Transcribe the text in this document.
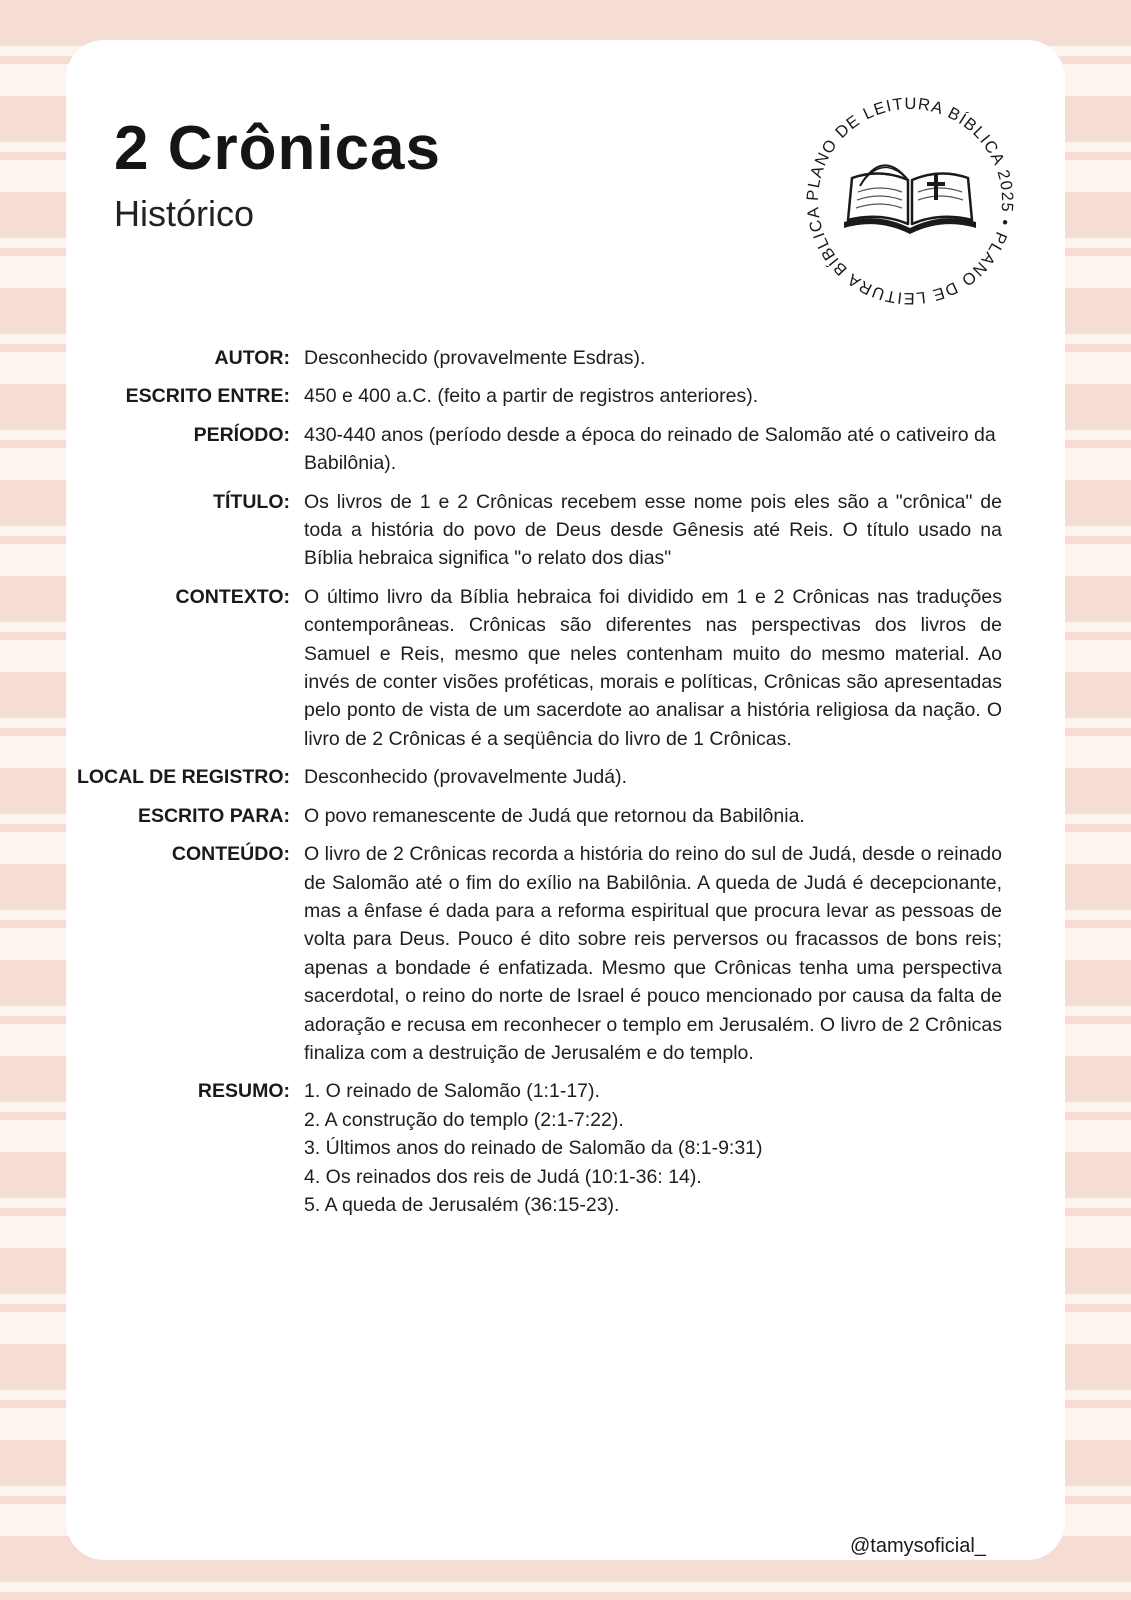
2 Crônicas
Histórico	PLANO DE LEITURA BÍBLICA 2025 • PLANO DE LEITURA BÍBLICA
AUTOR: Desconhecido (provavelmente Esdras).
ESCRITO ENTRE: 450 e 400 a.C. (feito a partir de registros anteriores).
PERÍODO: 430-440 anos (período desde a época do reinado de Salomão até o cativeiro da Babilônia).
TÍTULO: Os livros de 1 e 2 Crônicas recebem esse nome pois eles são a "crônica" de toda a história do povo de Deus desde Gênesis até Reis. O título usado na Bíblia hebraica significa "o relato dos dias"
CONTEXTO: O último livro da Bíblia hebraica foi dividido em 1 e 2 Crônicas nas traduções contemporâneas. Crônicas são diferentes nas perspectivas dos livros de Samuel e Reis, mesmo que neles contenham muito do mesmo material. Ao invés de conter visões proféticas, morais e políticas, Crônicas são apresentadas pelo ponto de vista de um sacerdote ao analisar a história religiosa da nação. O livro de 2 Crônicas é a seqüência do livro de 1 Crônicas.
LOCAL DE REGISTRO: Desconhecido (provavelmente Judá).
ESCRITO PARA: O povo remanescente de Judá que retornou da Babilônia.
CONTEÚDO: O livro de 2 Crônicas recorda a história do reino do sul de Judá, desde o reinado de Salomão até o fim do exílio na Babilônia. A queda de Judá é decepcionante, mas a ênfase é dada para a reforma espiritual que procura levar as pessoas de volta para Deus. Pouco é dito sobre reis perversos ou fracassos de bons reis; apenas a bondade é enfatizada. Mesmo que Crônicas tenha uma perspectiva sacerdotal, o reino do norte de Israel é pouco mencionado por causa da falta de adoração e recusa em reconhecer o templo em Jerusalém. O livro de 2 Crônicas finaliza com a destruição de Jerusalém e do templo.
RESUMO: 1. O reinado de Salomão (1:1-17).
2. A construção do templo (2:1-7:22).
3. Últimos anos do reinado de Salomão da (8:1-9:31)
4. Os reinados dos reis de Judá (10:1-36: 14).
5. A queda de Jerusalém (36:15-23).
@tamysoficial_
